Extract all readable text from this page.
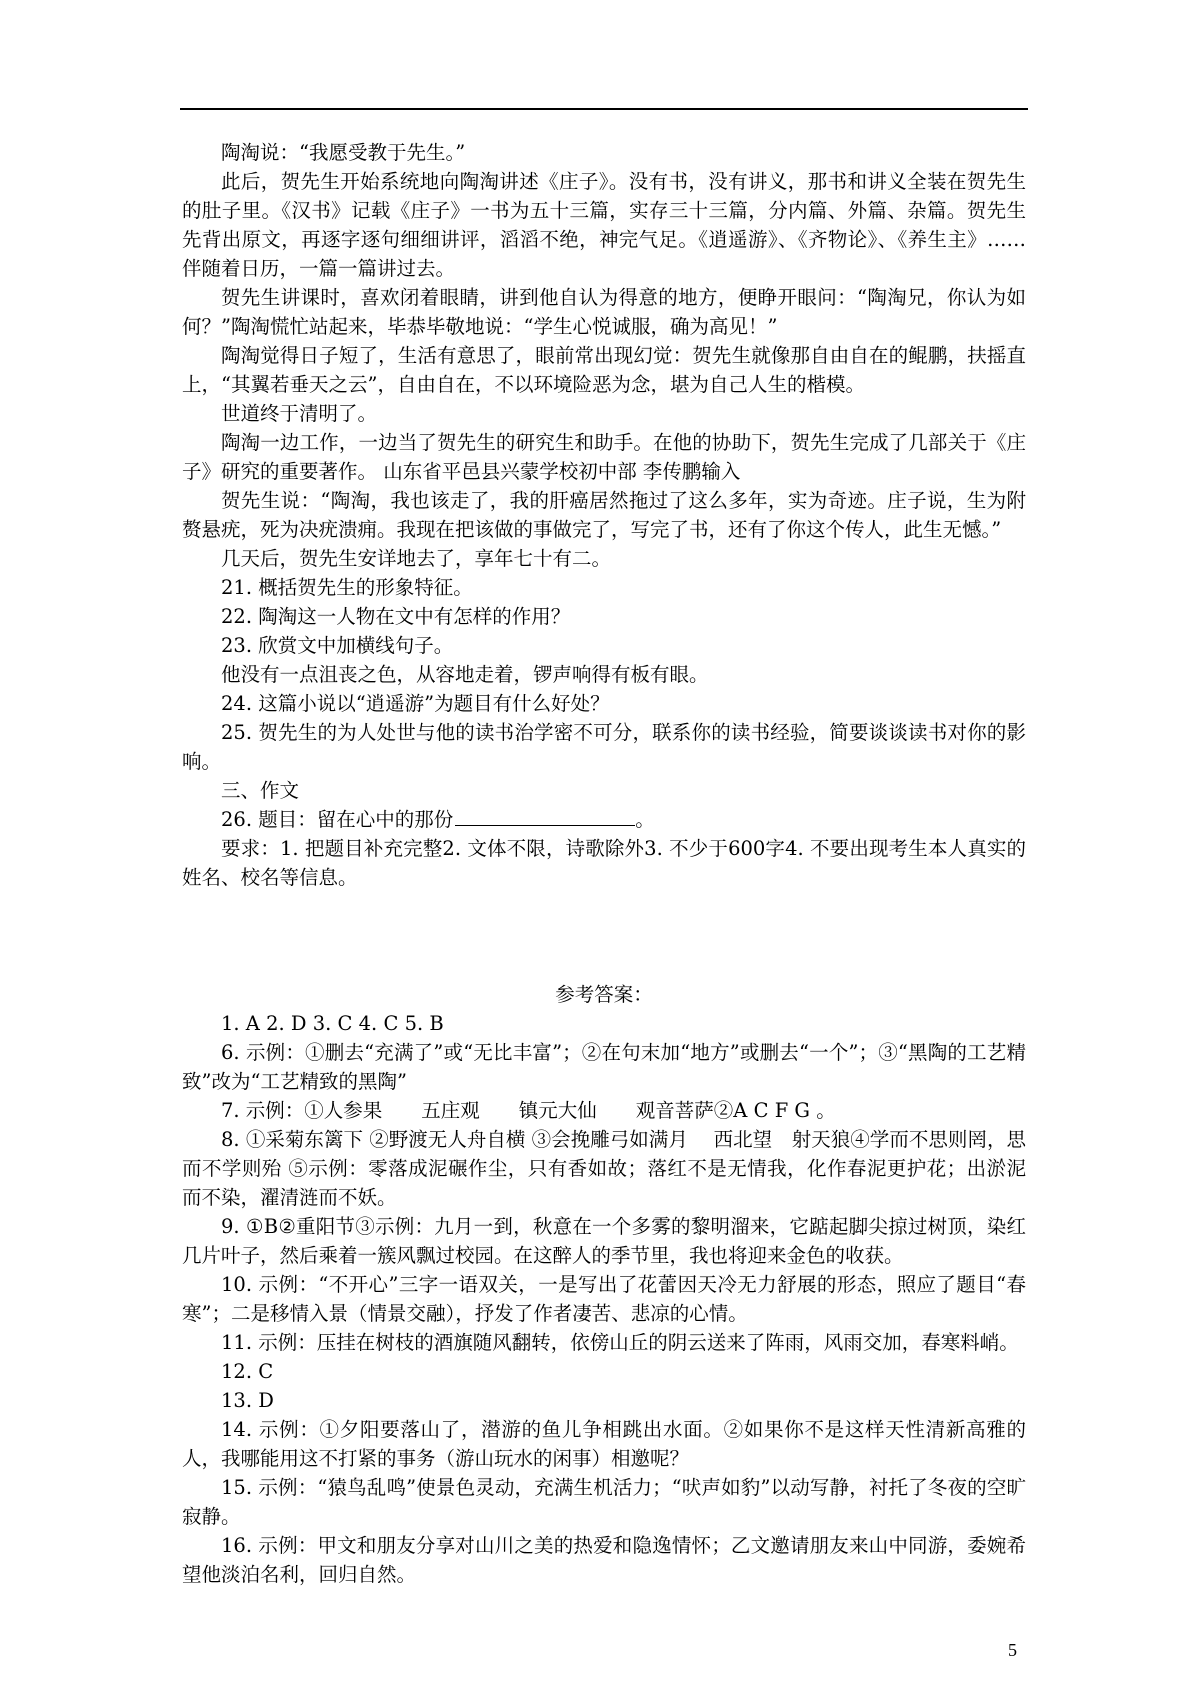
陶淘说：“我愿受教于先生。”

此后，贺先生开始系统地向陶淘讲述《庄子》。没有书，没有讲义，那书和讲义全装在贺先生的肚子里。《汉书》记载《庄子》一书为五十三篇，实存三十三篇，分内篇、外篇、杂篇。贺先生先背出原文，再逐字逐句细细讲评，滔滔不绝，神完气足。《逍遥游》、《齐物论》、《养生主》……伴随着日历，一篇一篇讲过去。

贺先生讲课时，喜欢闭着眼睛，讲到他自认为得意的地方，便睁开眼问：“陶淘兄，你认为如何？”陶淘慌忙站起来，毕恭毕敬地说：“学生心悦诚服，确为高见！”

陶淘觉得日子短了，生活有意思了，眼前常出现幻觉：贺先生就像那自由自在的鲲鹏，扶摇直上，“其翼若垂天之云”，自由自在，不以环境险恶为念，堪为自己人生的楷模。

世道终于清明了。

陶淘一边工作，一边当了贺先生的研究生和助手。在他的协助下，贺先生完成了几部关于《庄子》研究的重要著作。 山东省平邑县兴蒙学校初中部 李传鹏输入

贺先生说：“陶淘，我也该走了，我的肝癌居然拖过了这么多年，实为奇迹。庄子说，生为附赘悬疣，死为决疣溃痈。我现在把该做的事做完了，写完了书，还有了你这个传人，此生无憾。”

几天后，贺先生安详地去了，享年七十有二。

21. 概括贺先生的形象特征。

22. 陶淘这一人物在文中有怎样的作用？

23. 欣赏文中加横线句子。

他没有一点沮丧之色，从容地走着，锣声响得有板有眼。

24. 这篇小说以“逍遥游”为题目有什么好处？

25. 贺先生的为人处世与他的读书治学密不可分，联系你的读书经验，简要谈谈读书对你的影响。

三、作文

26. 题目：留在心中的那份	。

要求：1. 把题目补充完整2. 文体不限，诗歌除外3. 不少于600字4. 不要出现考生本人真实的姓名、校名等信息。

参考答案：

1. A 2. D 3. C 4. C 5. B

6. 示例：①删去“充满了”或“无比丰富”；②在句末加“地方”或删去“一个”；③“黑陶的工艺精致”改为“工艺精致的黑陶”

7. 示例：①人参果　　五庄观　　镇元大仙　　观音菩萨②A C F G 。

8. ①采菊东篱下 ②野渡无人舟自横 ③会挽雕弓如满月　 西北望　射天狼④学而不思则罔，思而不学则殆 ⑤示例：零落成泥碾作尘，只有香如故；落红不是无情我，化作春泥更护花；出淤泥而不染，濯清涟而不妖。

9. ①B②重阳节③示例：九月一到，秋意在一个多雾的黎明溜来，它踮起脚尖掠过树顶，染红几片叶子，然后乘着一簇风飘过校园。在这醉人的季节里，我也将迎来金色的收获。

10. 示例：“不开心”三字一语双关，一是写出了花蕾因天冷无力舒展的形态，照应了题目“春寒”；二是移情入景（情景交融），抒发了作者凄苦、悲凉的心情。

11. 示例：压挂在树枝的酒旗随风翻转，依傍山丘的阴云送来了阵雨，风雨交加，春寒料峭。

12. C

13. D

14. 示例：①夕阳要落山了，潜游的鱼儿争相跳出水面。②如果你不是这样天性清新高雅的人，我哪能用这不打紧的事务（游山玩水的闲事）相邀呢？

15. 示例：“猿鸟乱鸣”使景色灵动，充满生机活力；“吠声如豹”以动写静，衬托了冬夜的空旷寂静。

16. 示例：甲文和朋友分享对山川之美的热爱和隐逸情怀；乙文邀请朋友来山中同游，委婉希望他淡泊名利，回归自然。

5
